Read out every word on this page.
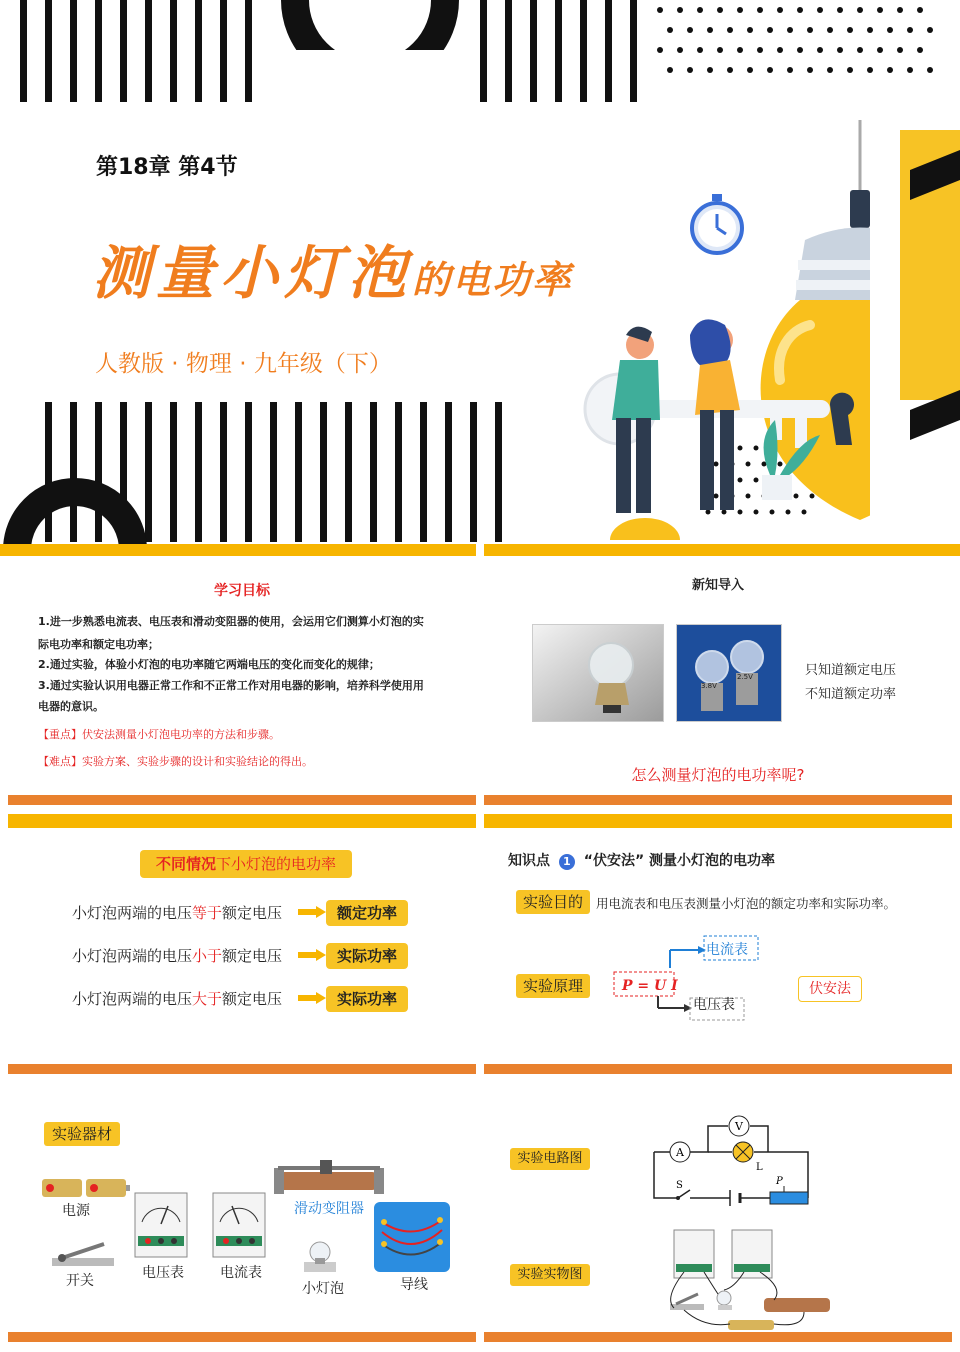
第18章 第4节
测量小灯泡的电功率
人教版 · 物理 · 九年级（下）
学习目标
1.进一步熟悉电流表、电压表和滑动变阻器的使用，会运用它们测算小灯泡的实
际电功率和额定电功率；
2.通过实验，体验小灯泡的电功率随它两端电压的变化而变化的规律；
3.通过实验认识用电器正常工作和不正常工作对用电器的影响，培养科学使用用
电器的意识。
【重点】伏安法测量小灯泡电功率的方法和步骤。
【难点】实验方案、实验步骤的设计和实验结论的得出。
新知导入
3.8V
2.5V	只知道额定电压
不知道额定功率
怎么测量灯泡的电功率呢?
不同情况下小灯泡的电功率
小灯泡两端的电压等于额定电压	额定功率
小灯泡两端的电压小于额定电压	实际功率
小灯泡两端的电压大于额定电压	实际功率
知识点 1 “伏安法” 测量小灯泡的电功率
实验目的	用电流表和电压表测量小灯泡的额定功率和实际功率。
实验原理	P = U I
电流表
电压表
伏安法
实验器材
电源
开关	电压表	电流表
滑动变阻器
小灯泡	导线
实验电路图
实验实物图
A
V
L
S	P
